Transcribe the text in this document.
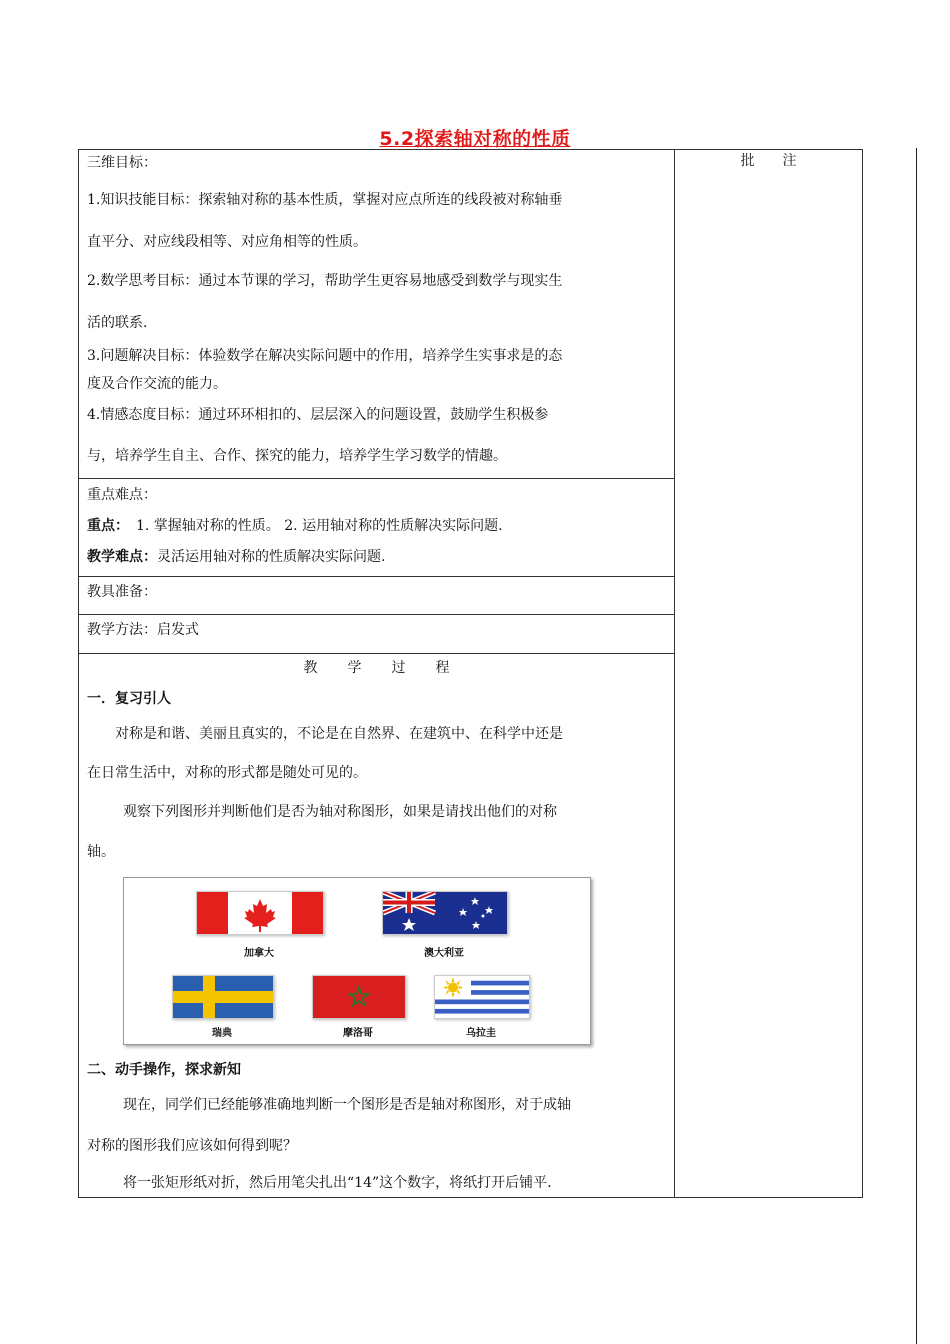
5.2探索轴对称的性质

三维目标：

1.知识技能目标：探索轴对称的基本性质，掌握对应点所连的线段被对称轴垂

直平分、对应线段相等、对应角相等的性质。

2.数学思考目标：通过本节课的学习，帮助学生更容易地感受到数学与现实生

活的联系.

3.问题解决目标：体验数学在解决实际问题中的作用，培养学生实事求是的态

度及合作交流的能力。

4.情感态度目标：通过环环相扣的、层层深入的问题设置，鼓励学生积极参

与，培养学生自主、合作、探究的能力，培养学生学习数学的情趣。

	批　　注

重点难点：

重点：　1. 掌握轴对称的性质。 2. 运用轴对称的性质解决实际问题.

教学难点：灵活运用轴对称的性质解决实际问题.

教具准备：

教学方法：启发式

教学过程

一．复习引人

对称是和谐、美丽且真实的，不论是在自然界、在建筑中、在科学中还是

在日常生活中，对称的形式都是随处可见的。

观察下列图形并判断他们是否为轴对称图形，如果是请找出他们的对称

轴。

加拿大	澳大利亚
瑞典	摩洛哥	乌拉圭

二、动手操作，探求新知

现在，同学们已经能够准确地判断一个图形是否是轴对称图形，对于成轴

对称的图形我们应该如何得到呢？

将一张矩形纸对折，然后用笔尖扎出“14”这个数字，将纸打开后铺平.
